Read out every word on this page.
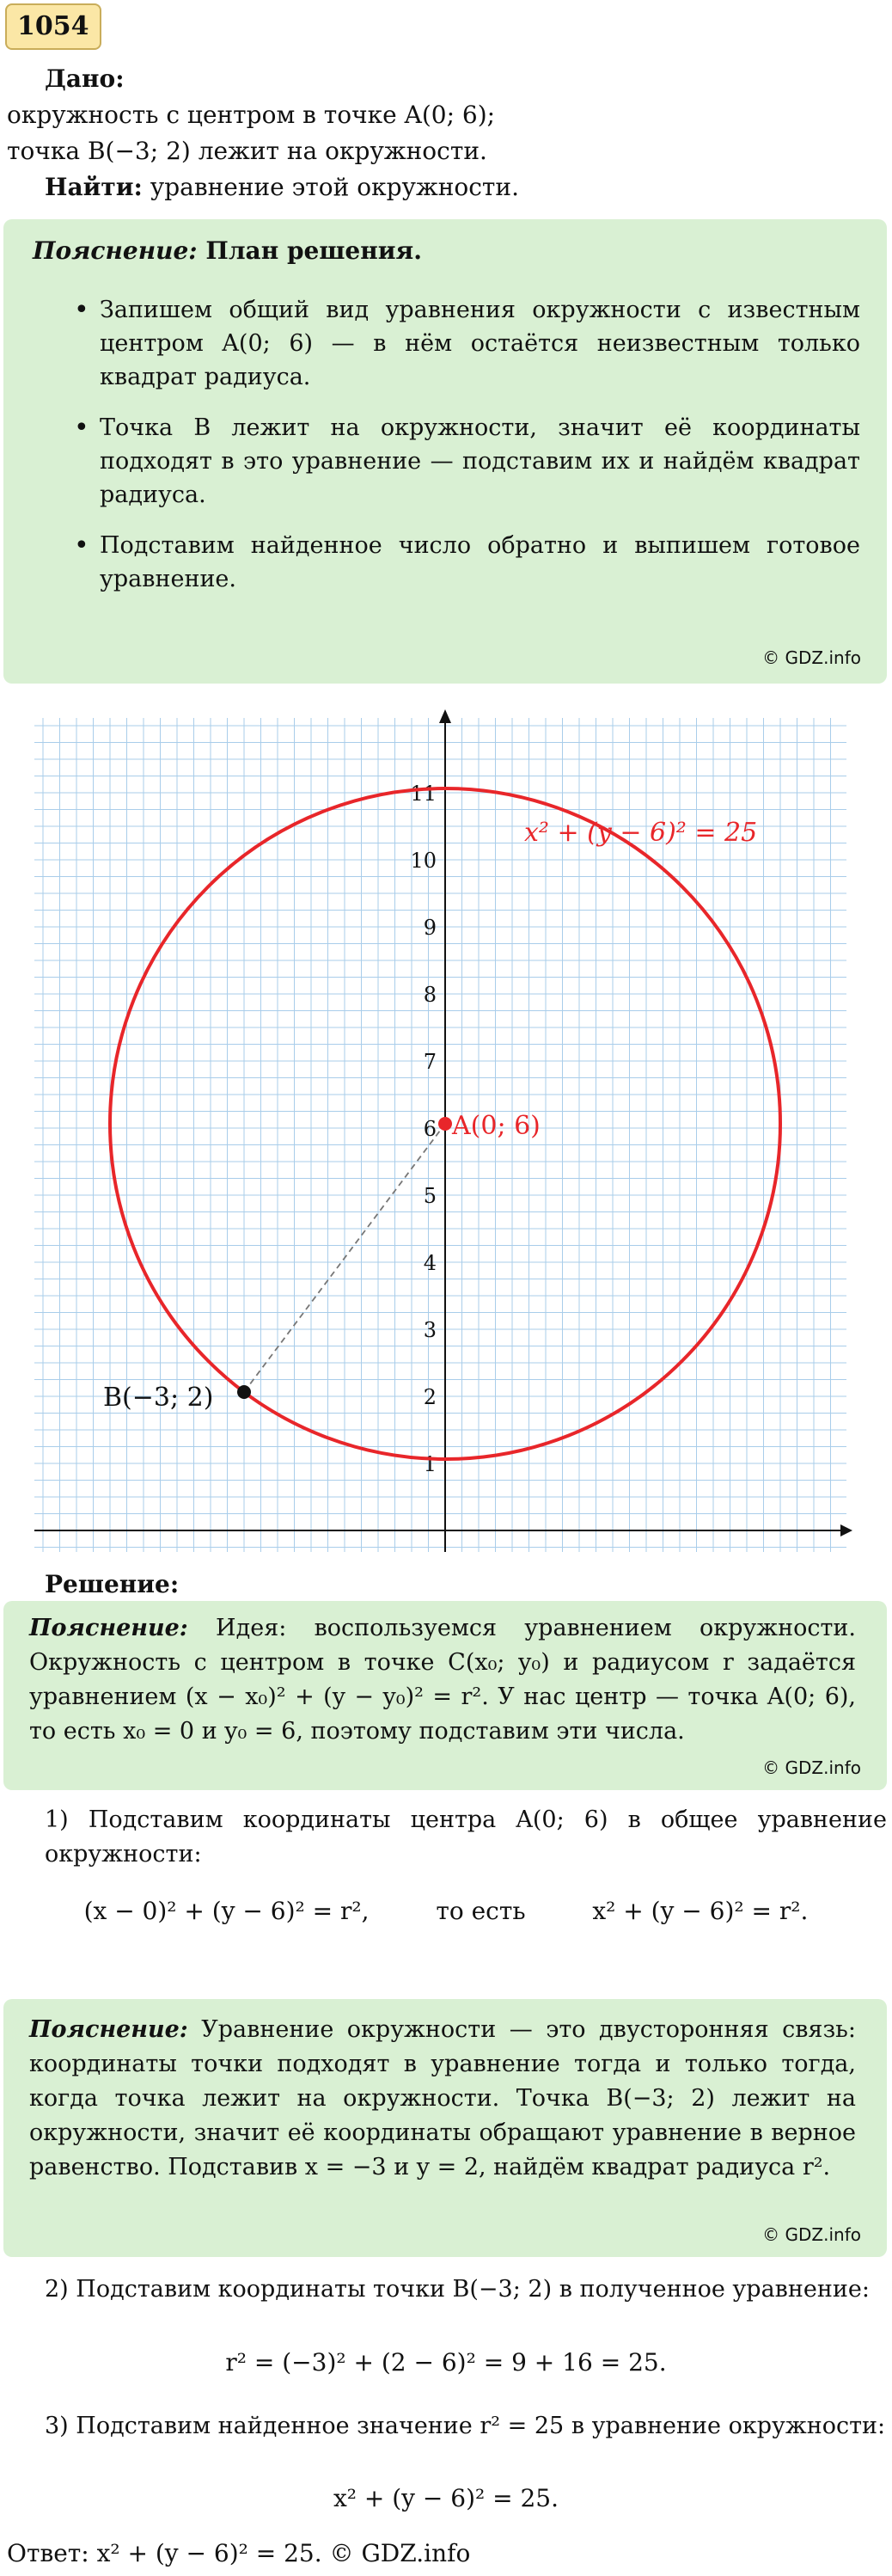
1054
Дано:
окружность с центром в точке A(0; 6);
точка B(−3; 2) лежит на окружности.
Найти: уравнение этой окружности.
Пояснение: План решения.
• Запишем общий вид уравнения окружности с известным центром A(0; 6) — в нём остаётся неизвестным только квадрат радиуса.
• Точка B лежит на окружности, значит её координаты подходят в это уравнение — подставим их и найдём квадрат радиуса.
• Подставим найденное число обратно и выпишем готовое уравнение.
© GDZ.info
1
2
3
4
5
6
7
8
9
10
11
A(0; 6)
B(−3; 2)
x² + (y − 6)² = 25
Решение:
Пояснение: Идея: воспользуемся уравнением окружности. Окружность с центром в точке C(x₀; y₀) и радиусом r задаётся уравнением (x − x₀)² + (y − y₀)² = r². У нас центр — точка A(0; 6), то есть x₀ = 0 и y₀ = 6, поэтому подставим эти числа.
© GDZ.info
1) Подставим координаты центра A(0; 6) в общее уравнение окружности:
(x − 0)² + (y − 6)² = r²,	то есть	x² + (y − 6)² = r².
Пояснение: Уравнение окружности — это двусторонняя связь: координаты точки подходят в уравнение тогда и только тогда, когда точка лежит на окружности. Точка B(−3; 2) лежит на окружности, значит её координаты обращают уравнение в верное равенство. Подставив x = −3 и y = 2, найдём квадрат радиуса r².
© GDZ.info
2) Подставим координаты точки B(−3; 2) в полученное уравнение:
r² = (−3)² + (2 − 6)² = 9 + 16 = 25.
3) Подставим найденное значение r² = 25 в уравнение окружности:
x² + (y − 6)² = 25.
Ответ: x² + (y − 6)² = 25. © GDZ.info
